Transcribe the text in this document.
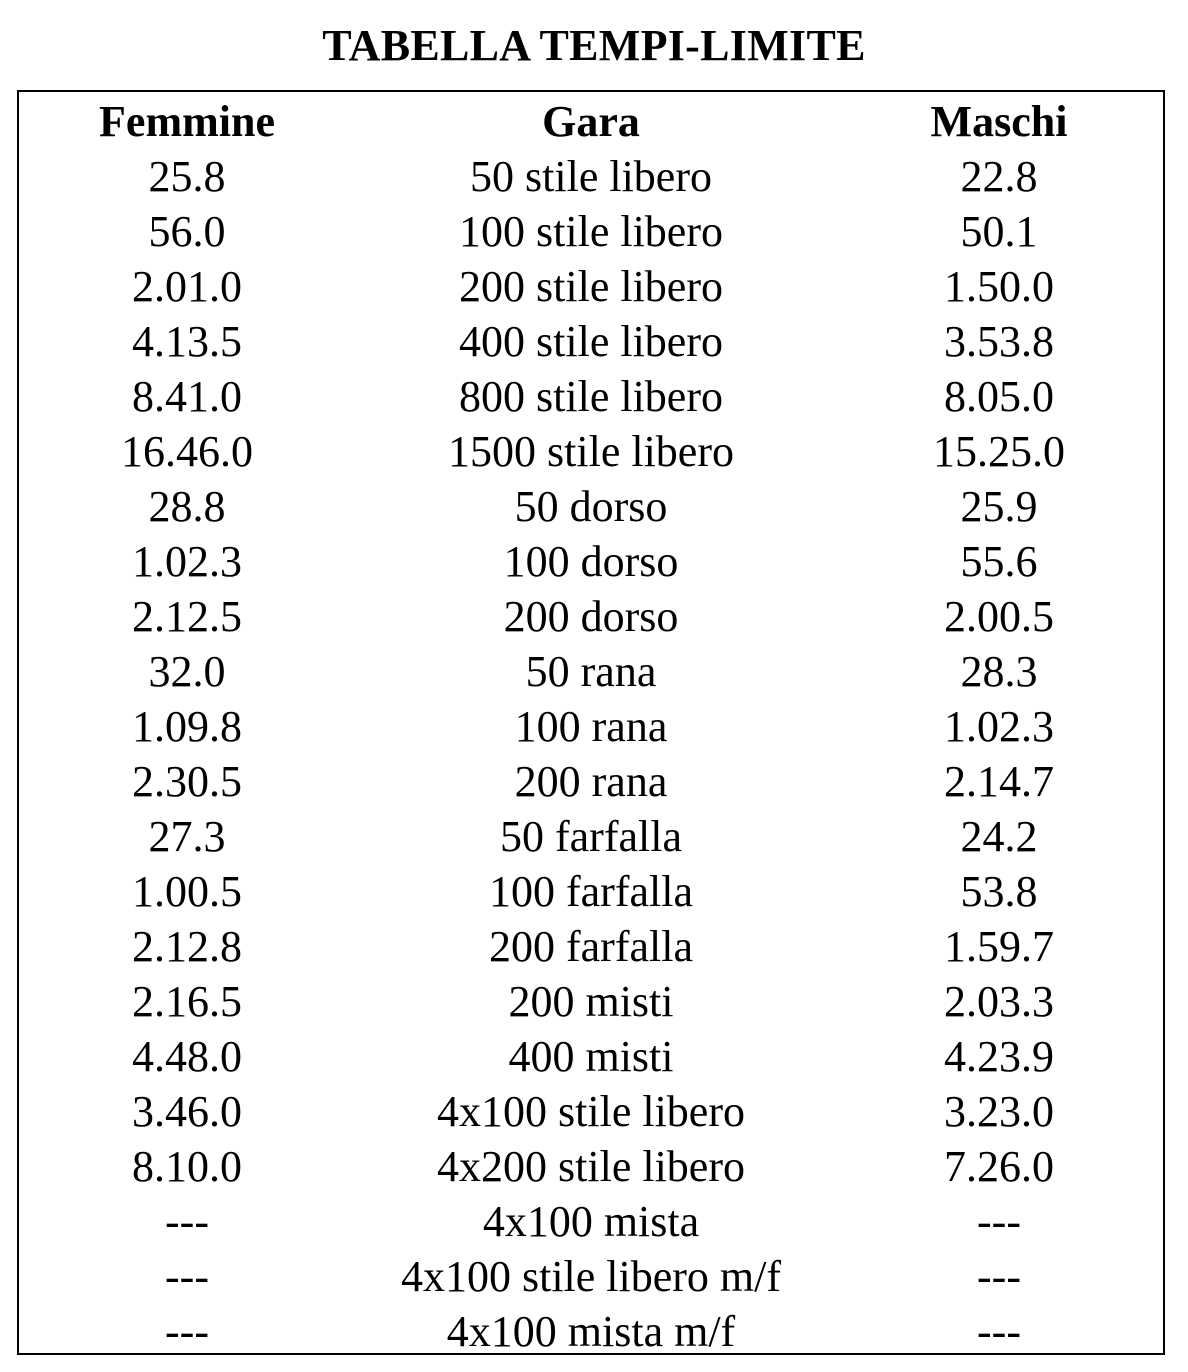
TABELLA TEMPI-LIMITE
Femmine	Gara	Maschi
25.8	50 stile libero	22.8
56.0	100 stile libero	50.1
2.01.0	200 stile libero	1.50.0
4.13.5	400 stile libero	3.53.8
8.41.0	800 stile libero	8.05.0
16.46.0	1500 stile libero	15.25.0
28.8	50 dorso	25.9
1.02.3	100 dorso	55.6
2.12.5	200 dorso	2.00.5
32.0	50 rana	28.3
1.09.8	100 rana	1.02.3
2.30.5	200 rana	2.14.7
27.3	50 farfalla	24.2
1.00.5	100 farfalla	53.8
2.12.8	200 farfalla	1.59.7
2.16.5	200 misti	2.03.3
4.48.0	400 misti	4.23.9
3.46.0	4x100 stile libero	3.23.0
8.10.0	4x200 stile libero	7.26.0
---	4x100 mista	---
---	4x100 stile libero m/f	---
---	4x100 mista m/f	---
